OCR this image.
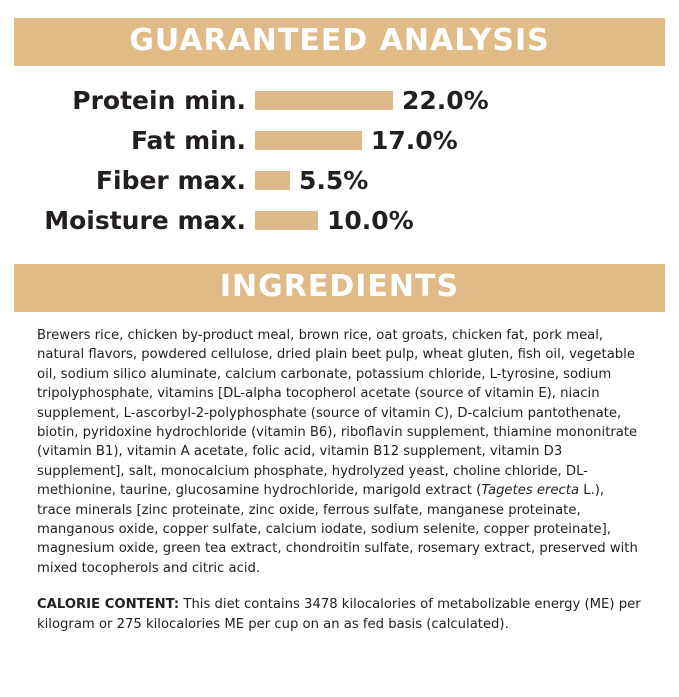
GUARANTEED ANALYSIS
Protein min.	22.0%
Fat min.	17.0%
Fiber max.	5.5%
Moisture max.	10.0%
INGREDIENTS

Brewers rice, chicken by-product meal, brown rice, oat groats, chicken fat, pork meal, natural flavors, powdered cellulose, dried plain beet pulp, wheat gluten, fish oil, vegetable oil, sodium silico aluminate, calcium carbonate, potassium chloride, L-tyrosine, sodium tripolyphosphate, vitamins [DL-alpha tocopherol acetate (source of vitamin E), niacin supplement, L-ascorbyl-2-polyphosphate (source of vitamin C), D-calcium pantothenate, biotin, pyridoxine hydrochloride (vitamin B6), riboflavin supplement, thiamine mononitrate (vitamin B1), vitamin A acetate, folic acid, vitamin B12 supplement, vitamin D3 supplement], salt, monocalcium phosphate, hydrolyzed yeast, choline chloride, DL-methionine, taurine, glucosamine hydrochloride, marigold extract (Tagetes erecta L.), trace minerals [zinc proteinate, zinc oxide, ferrous sulfate, manganese proteinate, manganous oxide, copper sulfate, calcium iodate, sodium selenite, copper proteinate], magnesium oxide, green tea extract, chondroitin sulfate, rosemary extract, preserved with mixed tocopherols and citric acid.

CALORIE CONTENT: This diet contains 3478 kilocalories of metabolizable energy (ME) per kilogram or 275 kilocalories ME per cup on an as fed basis (calculated).
